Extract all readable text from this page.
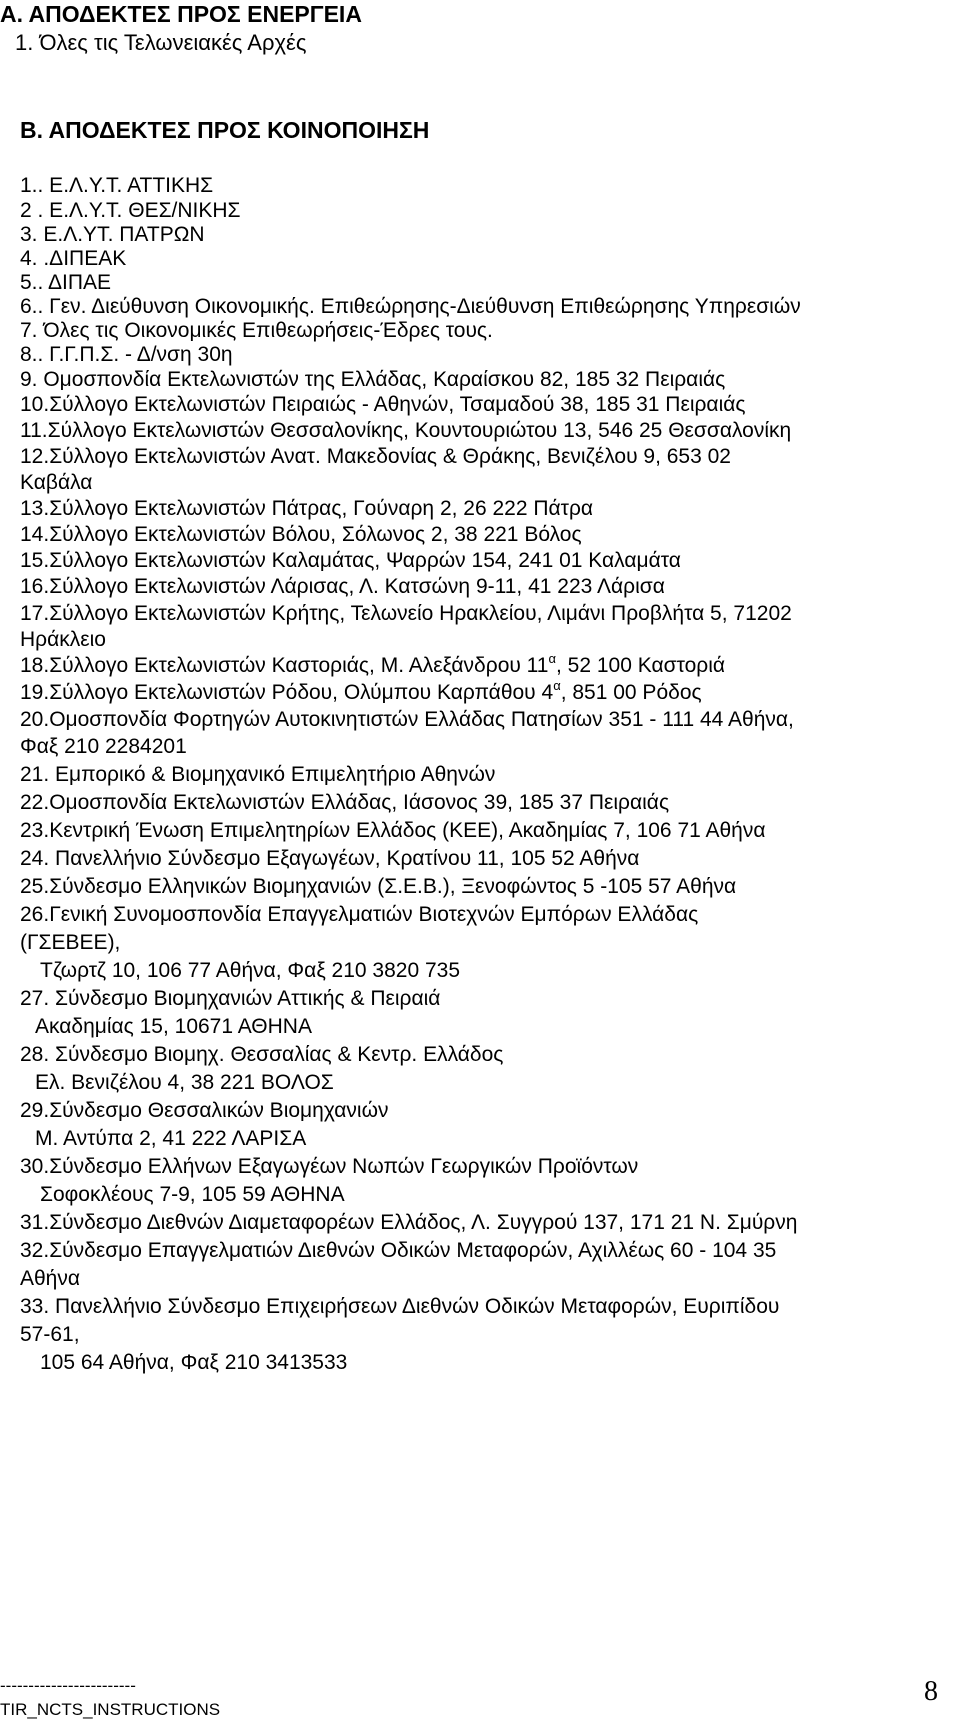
Α. ΑΠΟΔΕΚΤΕΣ ΠΡΟΣ ΕΝΕΡΓΕΙΑ
1. Όλες τις Τελωνειακές Αρχές
Β. ΑΠΟΔΕΚΤΕΣ ΠΡΟΣ ΚΟΙΝΟΠΟΙΗΣΗ
1.. Ε.Λ.Υ.Τ. ΑΤΤΙΚΗΣ
2 . Ε.Λ.Υ.Τ. ΘΕΣ/ΝΙΚΗΣ
3. Ε.Λ.ΥΤ. ΠΑΤΡΩΝ
4. .ΔΙΠΕΑΚ
5.. ΔΙΠΑΕ
6.. Γεν. Διεύθυνση Οικονομικής. Επιθεώρησης-Διεύθυνση Επιθεώρησης Υπηρεσιών
7. Όλες τις Οικονομικές Επιθεωρήσεις-Έδρες τους.
8.. Γ.Γ.Π.Σ. - Δ/νση 30η
9. Ομοσπονδία Εκτελωνιστών της Ελλάδας, Καραίσκου 82, 185 32 Πειραιάς
10.Σύλλογο Εκτελωνιστών Πειραιώς - Αθηνών, Τσαμαδού 38, 185 31 Πειραιάς
11.Σύλλογο Εκτελωνιστών Θεσσαλονίκης, Κουντουριώτου 13, 546 25 Θεσσαλονίκη
12.Σύλλογο Εκτελωνιστών Ανατ. Μακεδονίας & Θράκης, Βενιζέλου 9, 653 02
Καβάλα
13.Σύλλογο Εκτελωνιστών Πάτρας, Γούναρη 2, 26 222 Πάτρα
14.Σύλλογο Εκτελωνιστών Βόλου, Σόλωνος 2, 38 221 Βόλος
15.Σύλλογο Εκτελωνιστών Καλαμάτας, Ψαρρών 154, 241 01 Καλαμάτα
16.Σύλλογο Εκτελωνιστών Λάρισας, Λ. Κατσώνη 9-11, 41 223 Λάρισα
17.Σύλλογο Εκτελωνιστών Κρήτης, Τελωνείο Ηρακλείου, Λιμάνι Προβλήτα 5, 71202
Ηράκλειο
18.Σύλλογο Εκτελωνιστών Καστοριάς, Μ. Αλεξάνδρου $11^\alpha$, 52 100 Καστοριά
19.Σύλλογο Εκτελωνιστών Ρόδου, Ολύμπου Καρπάθου $4^\alpha$, 851 00 Ρόδος
20.Ομοσπονδία Φορτηγών Αυτοκινητιστών Ελλάδας Πατησίων 351 - 111 44 Αθήνα,
Φαξ 210 2284201
21. Εμπορικό & Βιομηχανικό Επιμελητήριο Αθηνών
22.Ομοσπονδία Εκτελωνιστών Ελλάδας, Ιάσονος 39, 185 37 Πειραιάς
23.Κεντρική Ένωση Επιμελητηρίων Ελλάδος (ΚΕΕ), Ακαδημίας 7, 106 71 Αθήνα
24. Πανελλήνιο Σύνδεσμο Εξαγωγέων, Κρατίνου 11, 105 52 Αθήνα
25.Σύνδεσμο Ελληνικών Βιομηχανιών (Σ.Ε.Β.), Ξενοφώντος 5 -105 57 Αθήνα
26.Γενική Συνομοσπονδία Επαγγελματιών Βιοτεχνών Εμπόρων Ελλάδας
(ΓΣΕΒΕΕ),
Τζωρτζ 10, 106 77 Αθήνα, Φαξ 210 3820 735
27. Σύνδεσμο Βιομηχανιών Αττικής & Πειραιά
Ακαδημίας 15, 10671 ΑΘΗΝΑ
28. Σύνδεσμο Βιομηχ. Θεσσαλίας & Κεντρ. Ελλάδος
Ελ. Βενιζέλου 4, 38 221 ΒΟΛΟΣ
29.Σύνδεσμο Θεσσαλικών Βιομηχανιών
Μ. Αντύπα 2, 41 222 ΛΑΡΙΣΑ
30.Σύνδεσμο Ελλήνων Εξαγωγέων Νωπών Γεωργικών Προϊόντων
Σοφοκλέους 7-9, 105 59 ΑΘΗΝΑ
31.Σύνδεσμο Διεθνών Διαμεταφορέων Ελλάδος, Λ. Συγγρού 137, 171 21 Ν. Σμύρνη
32.Σύνδεσμο Επαγγελματιών Διεθνών Οδικών Μεταφορών, Αχιλλέως 60 - 104 35
Αθήνα
33. Πανελλήνιο Σύνδεσμο Επιχειρήσεων Διεθνών Οδικών Μεταφορών, Ευριπίδου
57-61,
105 64 Αθήνα, Φαξ 210 3413533
------------------------
TIR_NCTS_INSTRUCTIONS
8
